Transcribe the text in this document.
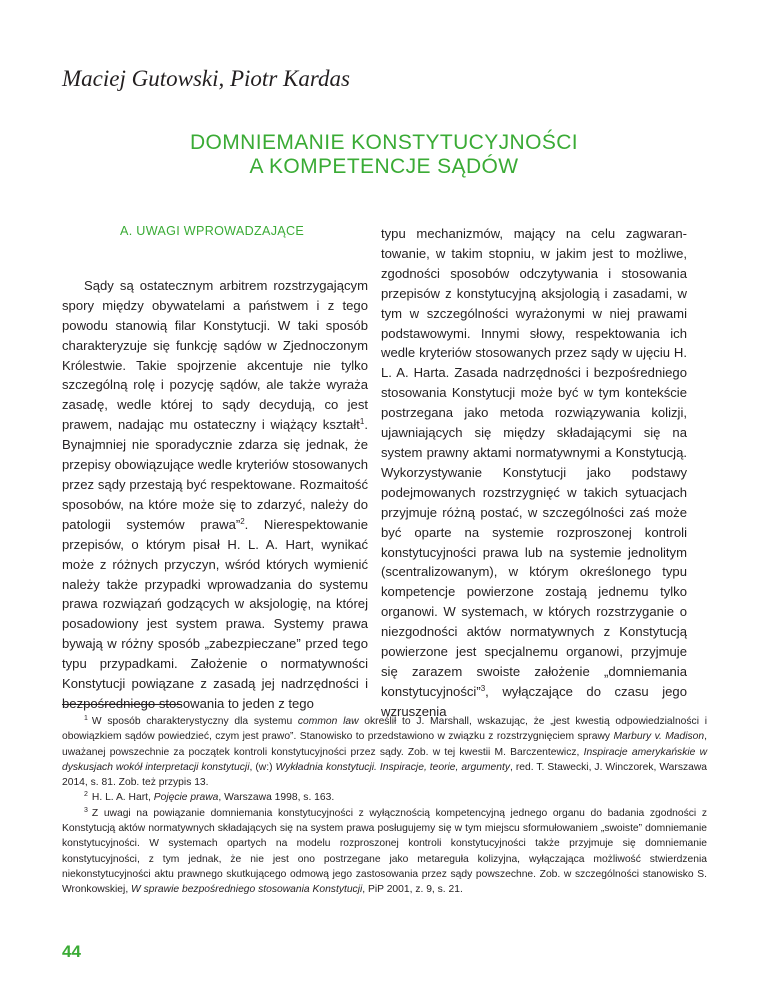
Maciej Gutowski, Piotr Kardas
DOMNIEMANIE KONSTYTUCYJNOŚCI
A KOMPETENCJE SĄDÓW
A. UWAGI WPROWADZAJĄCE

Sądy są ostatecznym arbitrem rozstrzygającym spory między obywatelami a państwem i z tego powodu stanowią filar Konstytucji. W taki sposób charakteryzuje się funkcję sądów w Zjednoczonym Królestwie. Takie spojrzenie akcentuje nie tylko szczególną rolę i pozycję sądów, ale także wyraża zasadę, wedle której to sądy decydują, co jest prawem, nadając mu ostateczny i wiążący kształt$^1$. Bynajmniej nie sporadycznie zdarza się jednak, że przepisy obowiązujące wedle kryteriów stosowanych przez sądy przestają być respektowane. Rozmaitość sposobów, na które może się to zdarzyć, należy do patologii systemów prawa”$^2$. Nierespektowanie przepisów, o którym pisał H. L. A. Hart, wynikać może z różnych przyczyn, wśród których wymienić należy także przypadki wprowadzania do systemu prawa rozwiązań godzących w aksjologię, na której posadowiony jest system prawa. Systemy prawa bywają w różny sposób „zabezpieczane” przed tego typu przypadkami. Założenie o normatywności Konstytucji powiązane z zasadą jej nadrzędności i bezpośredniego stosowania to jeden z tego

typu mechanizmów, mający na celu zagwarantowanie, w takim stopniu, w jakim jest to możliwe, zgodności sposobów odczytywania i stosowania przepisów z konstytucyjną aksjologią i zasadami, w tym w szczególności wyrażonymi w niej prawami podstawowymi. Innymi słowy, respektowania ich wedle kryteriów stosowanych przez sądy w ujęciu H. L. A. Harta. Zasada nadrzędności i bezpośredniego stosowania Konstytucji może być w tym kontekście postrzegana jako metoda rozwiązywania kolizji, ujawniających się między składającymi się na system prawny aktami normatywnymi a Konstytucją. Wykorzystywanie Konstytucji jako podstawy podejmowanych rozstrzygnięć w takich sytuacjach przyjmuje różną postać, w szczególności zaś może być oparte na systemie rozproszonej kontroli konstytucyjności prawa lub na systemie jednolitym (scentralizowanym), w którym określonego typu kompetencje powierzone zostają jednemu tylko organowi. W systemach, w których rozstrzyganie o niezgodności aktów normatywnych z Konstytucją powierzone jest specjalnemu organowi, przyjmuje się zarazem swoiste założenie „domniemania konstytucyjności”$^3$, wyłączające do czasu jego wzruszenia

$^1$ W sposób charakterystyczny dla systemu common law określił to J. Marshall, wskazując, że „jest kwestią odpowiedzialności i obowiązkiem sądów powiedzieć, czym jest prawo”. Stanowisko to przedstawiono w związku z rozstrzygnięciem sprawy Marbury v. Madison, uważanej powszechnie za początek kontroli konstytucyjności przez sądy. Zob. w tej kwestii M. Barczentewicz, Inspiracje amerykańskie w dyskusjach wokół interpretacji konstytucji, (w:) Wykładnia konstytucji. Inspiracje, teorie, argumenty, red. T. Stawecki, J. Winczorek, Warszawa 2014, s. 81. Zob. też przypis 13.

$^2$ H. L. A. Hart, Pojęcie prawa, Warszawa 1998, s. 163.

$^3$ Z uwagi na powiązanie domniemania konstytucyjności z wyłącznością kompetencyjną jednego organu do badania zgodności z Konstytucją aktów normatywnych składających się na system prawa posługujemy się w tym miejscu sformułowaniem „swoiste” domniemanie konstytucyjności. W systemach opartych na modelu rozproszonej kontroli konstytucyjności także przyjmuje się domniemanie konstytucyjności, z tym jednak, że nie jest ono postrzegane jako metareguła kolizyjna, wyłączająca możliwość stwierdzenia niekonstytucyjności aktu prawnego skutkującego odmową jego zastosowania przez sądy powszechne. Zob. w szczególności stanowisko S. Wronkowskiej, W sprawie bezpośredniego stosowania Konstytucji, PiP 2001, z. 9, s. 21.

44
